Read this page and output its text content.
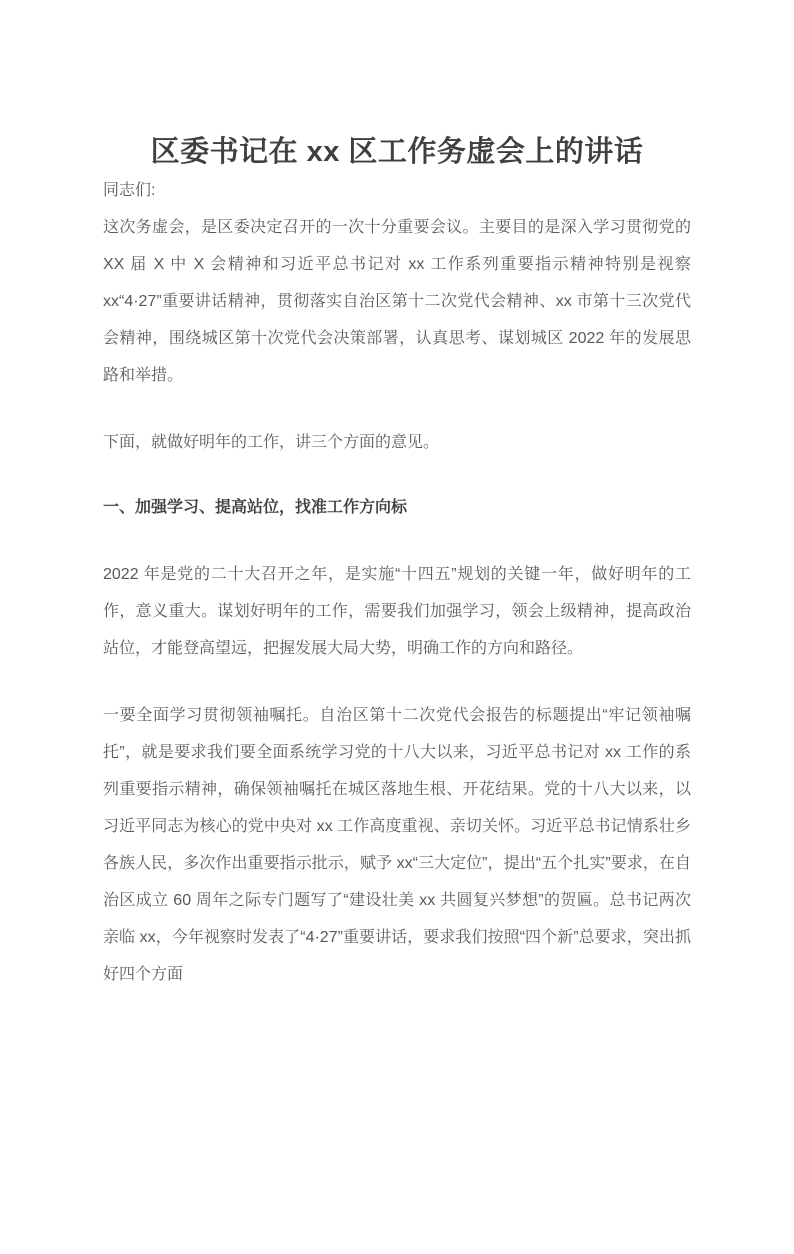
区委书记在 xx 区工作务虚会上的讲话

同志们:

这次务虚会，是区委决定召开的一次十分重要会议。主要目的是深入学习贯彻党的 XX 届 X 中 X 会精神和习近平总书记对 xx 工作系列重要指示精神特别是视察 xx“4·27”重要讲话精神，贯彻落实自治区第十二次党代会精神、xx 市第十三次党代会精神，围绕城区第十次党代会决策部署，认真思考、谋划城区 2022 年的发展思路和举措。

下面，就做好明年的工作，讲三个方面的意见。

一、加强学习、提高站位，找准工作方向标

2022 年是党的二十大召开之年，是实施“十四五”规划的关键一年，做好明年的工作，意义重大。谋划好明年的工作，需要我们加强学习，领会上级精神，提高政治站位，才能登高望远，把握发展大局大势，明确工作的方向和路径。

一要全面学习贯彻领袖嘱托。自治区第十二次党代会报告的标题提出“牢记领袖嘱托”，就是要求我们要全面系统学习党的十八大以来，习近平总书记对 xx 工作的系列重要指示精神，确保领袖嘱托在城区落地生根、开花结果。党的十八大以来，以习近平同志为核心的党中央对 xx 工作高度重视、亲切关怀。习近平总书记情系壮乡各族人民，多次作出重要指示批示，赋予 xx“三大定位”，提出“五个扎实”要求，在自治区成立 60 周年之际专门题写了“建设壮美 xx 共圆复兴梦想”的贺匾。总书记两次亲临 xx，今年视察时发表了“4·27”重要讲话，要求我们按照“四个新”总要求，突出抓好四个方面
